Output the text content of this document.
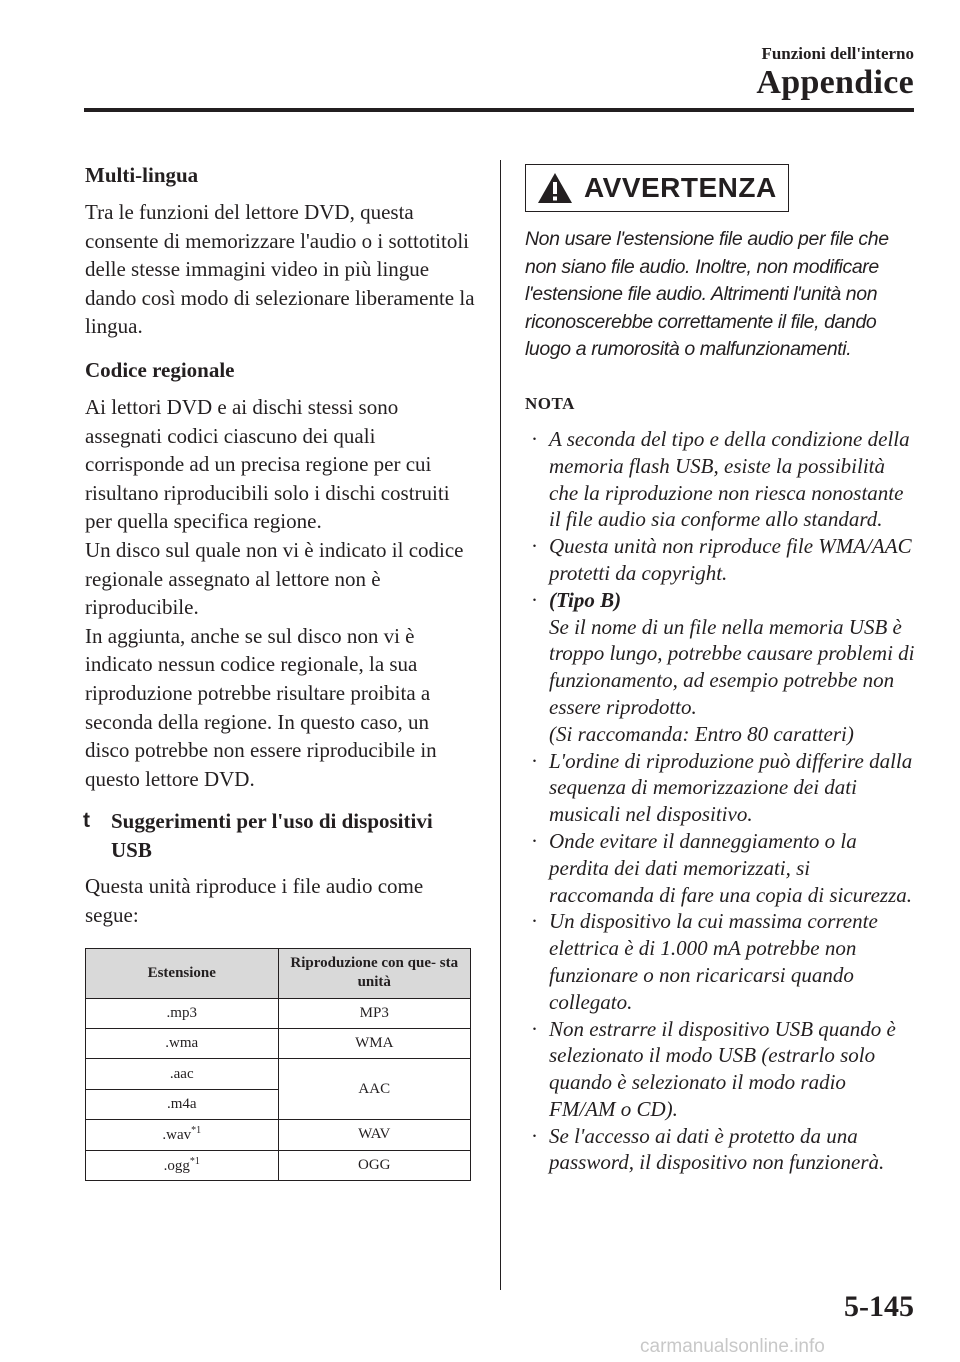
Funzioni dell'interno
Appendice
Multi-lingua
Tra le funzioni del lettore DVD, questa consente di memorizzare l'audio o i sottotitoli delle stesse immagini video in più lingue dando così modo di selezionare liberamente la lingua.
Codice regionale
Ai lettori DVD e ai dischi stessi sono assegnati codici ciascuno dei quali corrisponde ad un precisa regione per cui risultano riproducibili solo i dischi costruiti per quella specifica regione.
Un disco sul quale non vi è indicato il codice regionale assegnato al lettore non è riproducibile.
In aggiunta, anche se sul disco non vi è indicato nessun codice regionale, la sua riproduzione potrebbe risultare proibita a seconda della regione. In questo caso, un disco potrebbe non essere riproducibile in questo lettore DVD.
t Suggerimenti per l'uso di dispositivi USB
Questa unità riproduce i file audio come segue:
Estensione	Riproduzione con que- sta unità
.mp3	MP3
.wma	WMA
.aac	AAC
.m4a	
.wav$^{*1}$	WAV
.ogg$^{*1}$	OGG
AVVERTENZA
Non usare l'estensione file audio per file che non siano file audio. Inoltre, non modificare l'estensione file audio. Altrimenti l'unità non riconoscerebbe correttamente il file, dando luogo a rumorosità o malfunzionamenti.
NOTA
· A seconda del tipo e della condizione della memoria flash USB, esiste la possibilità che la riproduzione non riesca nonostante il file audio sia conforme allo standard.
· Questa unità non riproduce file WMA/AAC protetti da copyright.
· (Tipo B)
Se il nome di un file nella memoria USB è troppo lungo, potrebbe causare problemi di funzionamento, ad esempio potrebbe non essere riprodotto.
(Si raccomanda: Entro 80 caratteri)
· L'ordine di riproduzione può differire dalla sequenza di memorizzazione dei dati musicali nel dispositivo.
· Onde evitare il danneggiamento o la perdita dei dati memorizzati, si raccomanda di fare una copia di sicurezza.
· Un dispositivo la cui massima corrente elettrica è di 1.000 mA potrebbe non funzionare o non ricaricarsi quando collegato.
· Non estrarre il dispositivo USB quando è selezionato il modo USB (estrarlo solo quando è selezionato il modo radio FM/AM o CD).
· Se l'accesso ai dati è protetto da una password, il dispositivo non funzionerà.
5-145
carmanualsonline.info
